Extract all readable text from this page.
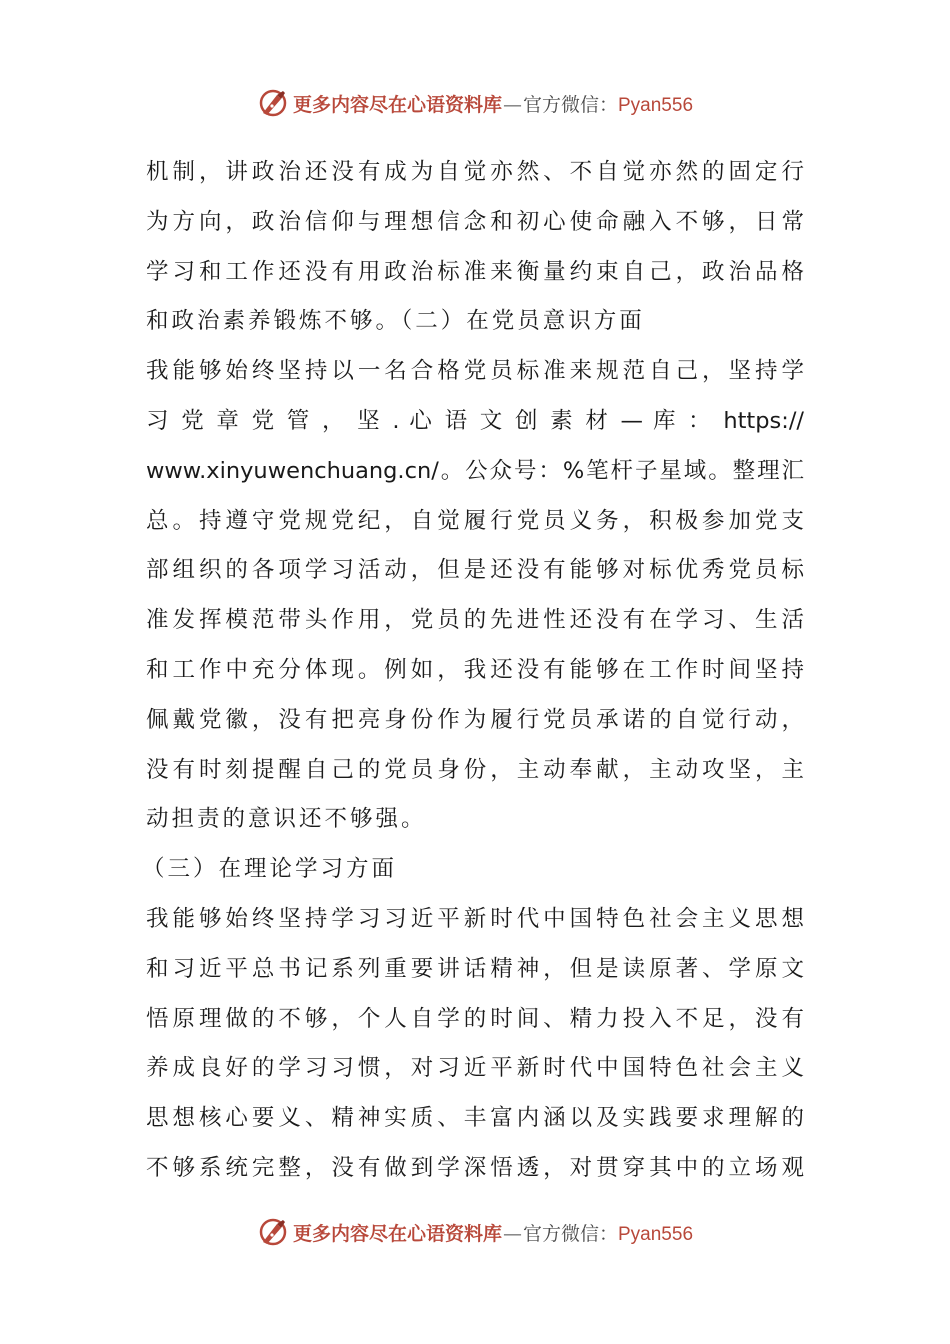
更多内容尽在心语资料库 — 官方微信： Pyan556
机制，讲政治还没有成为自觉亦然、不自觉亦然的固定行
为方向，政治信仰与理想信念和初心使命融入不够，日常
学习和工作还没有用政治标准来衡量约束自己，政治品格
和政治素养锻炼不够。（二）在党员意识方面
我能够始终坚持以一名合格党员标准来规范自己，坚持学
习 党 章 党 管 ， 坚 . 心 语 文 创 素 材 — 库 ： https://
www.xinyuwenchuang.cn/。公众号：%笔杆子星域。整理汇
总。持遵守党规党纪，自觉履行党员义务，积极参加党支
部组织的各项学习活动，但是还没有能够对标优秀党员标
准发挥模范带头作用，党员的先进性还没有在学习、生活
和工作中充分体现。例如，我还没有能够在工作时间坚持
佩戴党徽，没有把亮身份作为履行党员承诺的自觉行动，
没有时刻提醒自己的党员身份，主动奉献，主动攻坚，主
动担责的意识还不够强。
（三）在理论学习方面
我能够始终坚持学习习近平新时代中国特色社会主义思想
和习近平总书记系列重要讲话精神，但是读原著、学原文
悟原理做的不够，个人自学的时间、精力投入不足，没有
养成良好的学习习惯，对习近平新时代中国特色社会主义
思想核心要义、精神实质、丰富内涵以及实践要求理解的
不够系统完整，没有做到学深悟透，对贯穿其中的立场观
更多内容尽在心语资料库 — 官方微信： Pyan556
